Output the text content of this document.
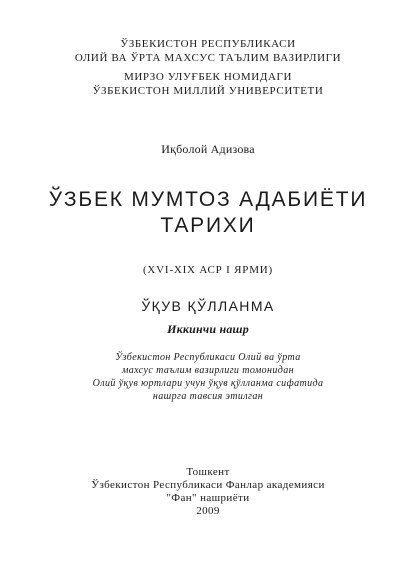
ЎЗБЕКИСТОН РЕСПУБЛИКАСИ
ОЛИЙ ВА ЎРТА МАХСУС ТАЪЛИМ ВАЗИРЛИГИ
МИРЗО УЛУҒБЕК НОМИДАГИ
ЎЗБЕКИСТОН МИЛЛИЙ УНИВЕРСИТЕТИ
Иқболой Адизова
ЎЗБЕК МУМТОЗ АДАБИЁТИ
ТАРИХИ
(XVI-XIX АСР I ЯРМИ)
ЎҚУВ ҚЎЛЛАНМА
Иккинчи нашр
Ўзбекистон Республикаси Олий ва ўрта
махсус таълим вазирлиги томонидан
Олий ўқув юртлари учун ўқув қўлланма сифатида
нашрга тавсия этилган
Тошкент
Ўзбекистон Республикаси Фанлар академияси
"Фан" нашриёти
2009
